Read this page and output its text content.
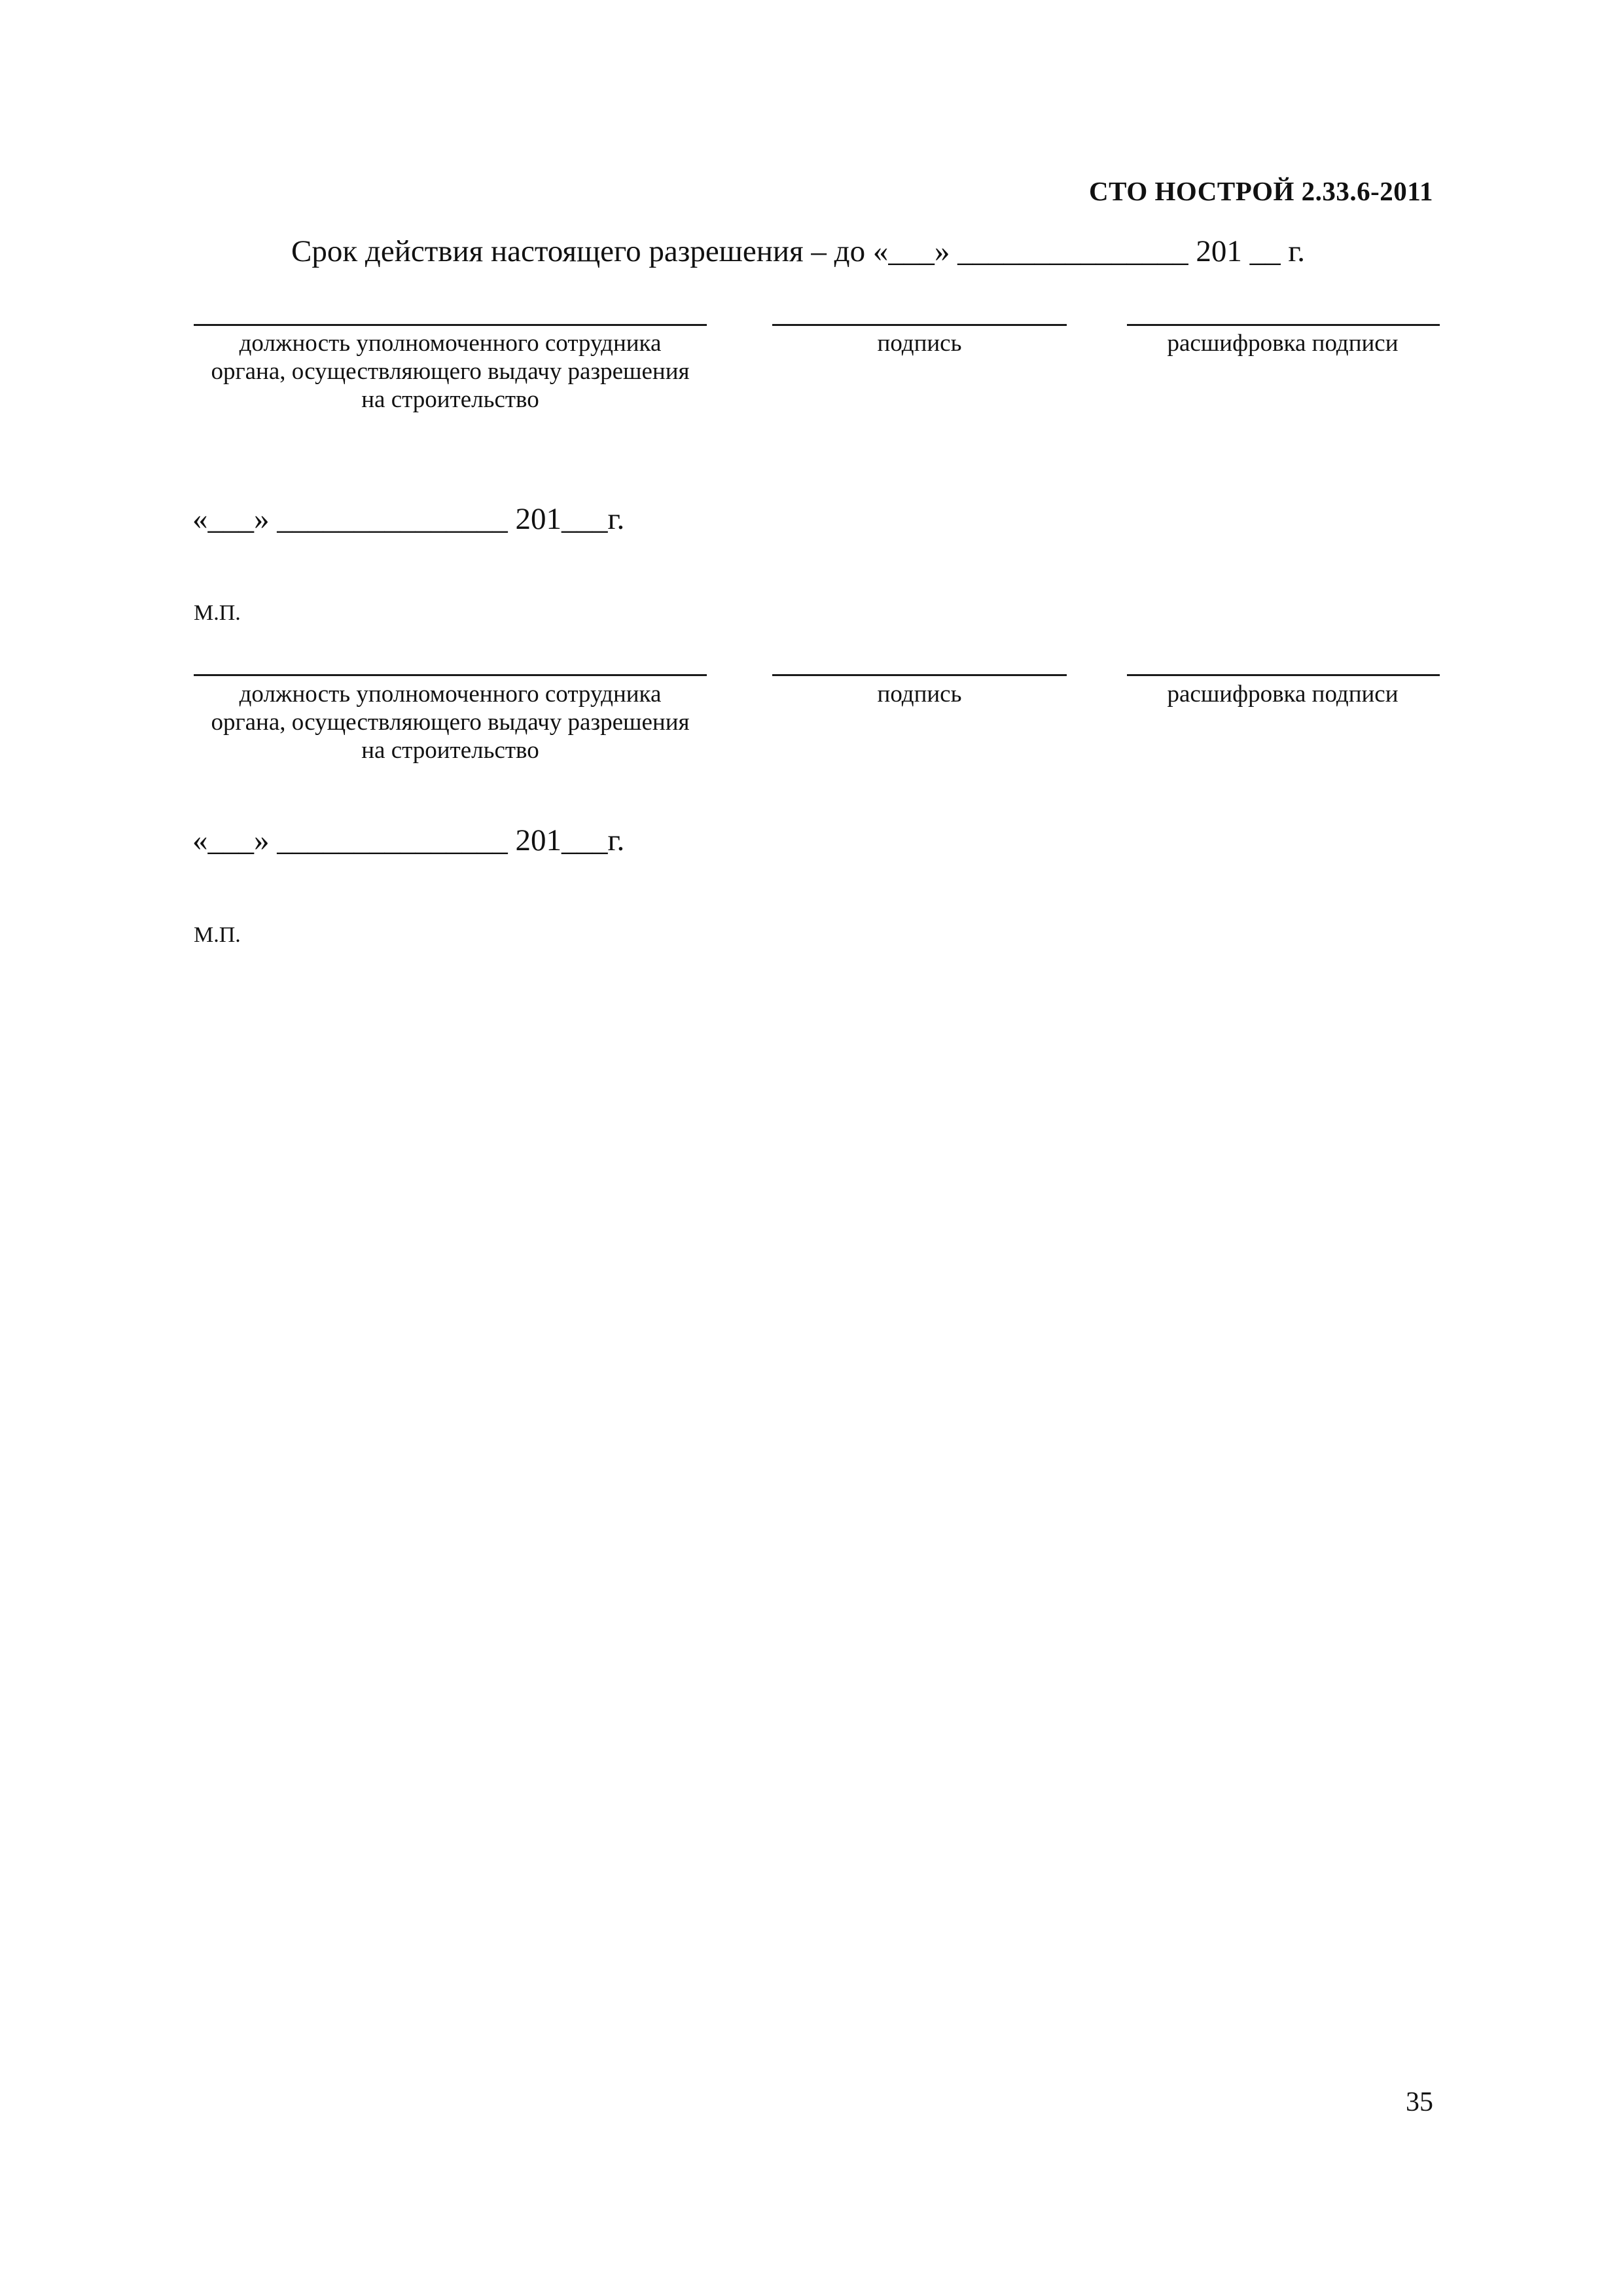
СТО НОСТРОЙ 2.33.6-2011
Срок действия настоящего разрешения – до «___» _______________ 201 __ г.
должность уполномоченного сотрудника
органа, осуществляющего выдачу разрешения
на строительство
подпись	расшифровка подписи
«___» _______________ 201___г.
М.П.
должность уполномоченного сотрудника
органа, осуществляющего выдачу разрешения
на строительство
подпись	расшифровка подписи
«___» _______________ 201___г.
М.П.
35
